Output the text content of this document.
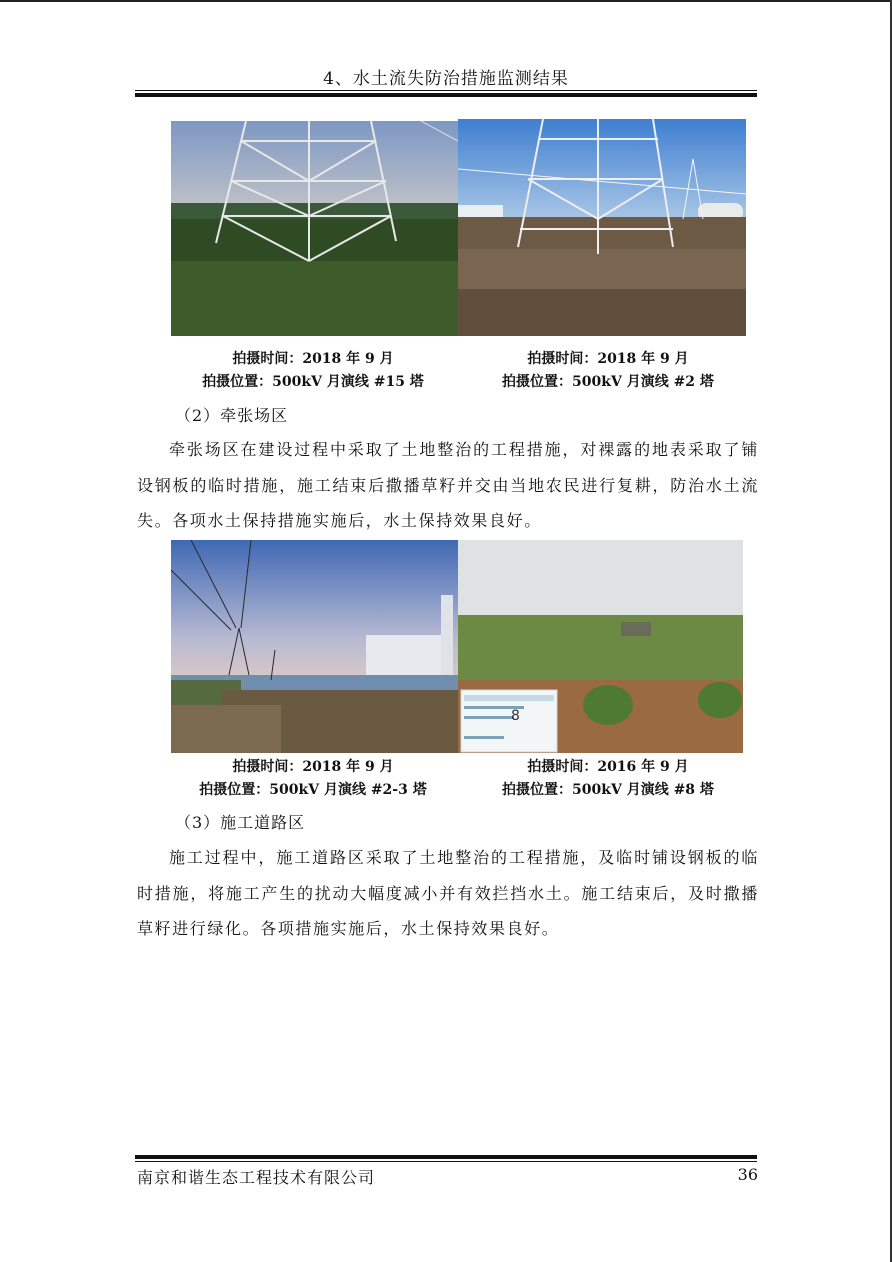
4、水土流失防治措施监测结果
拍摄时间：2018 年 9 月
拍摄位置：500kV 月演线 #15 塔
拍摄时间：2018 年 9 月
拍摄位置：500kV 月演线 #2 塔
（2）牵张场区
牵张场区在建设过程中采取了土地整治的工程措施，对裸露的地表采取了铺设钢板的临时措施，施工结束后撒播草籽并交由当地农民进行复耕，防治水土流失。各项水土保持措施实施后，水土保持效果良好。
8
拍摄时间：2018 年 9 月
拍摄位置：500kV 月演线 #2-3 塔
拍摄时间：2016 年 9 月
拍摄位置：500kV 月演线 #8 塔
（3）施工道路区
施工过程中，施工道路区采取了土地整治的工程措施，及临时铺设钢板的临时措施，将施工产生的扰动大幅度减小并有效拦挡水土。施工结束后，及时撒播草籽进行绿化。各项措施实施后，水土保持效果良好。
南京和谐生态工程技术有限公司	36
